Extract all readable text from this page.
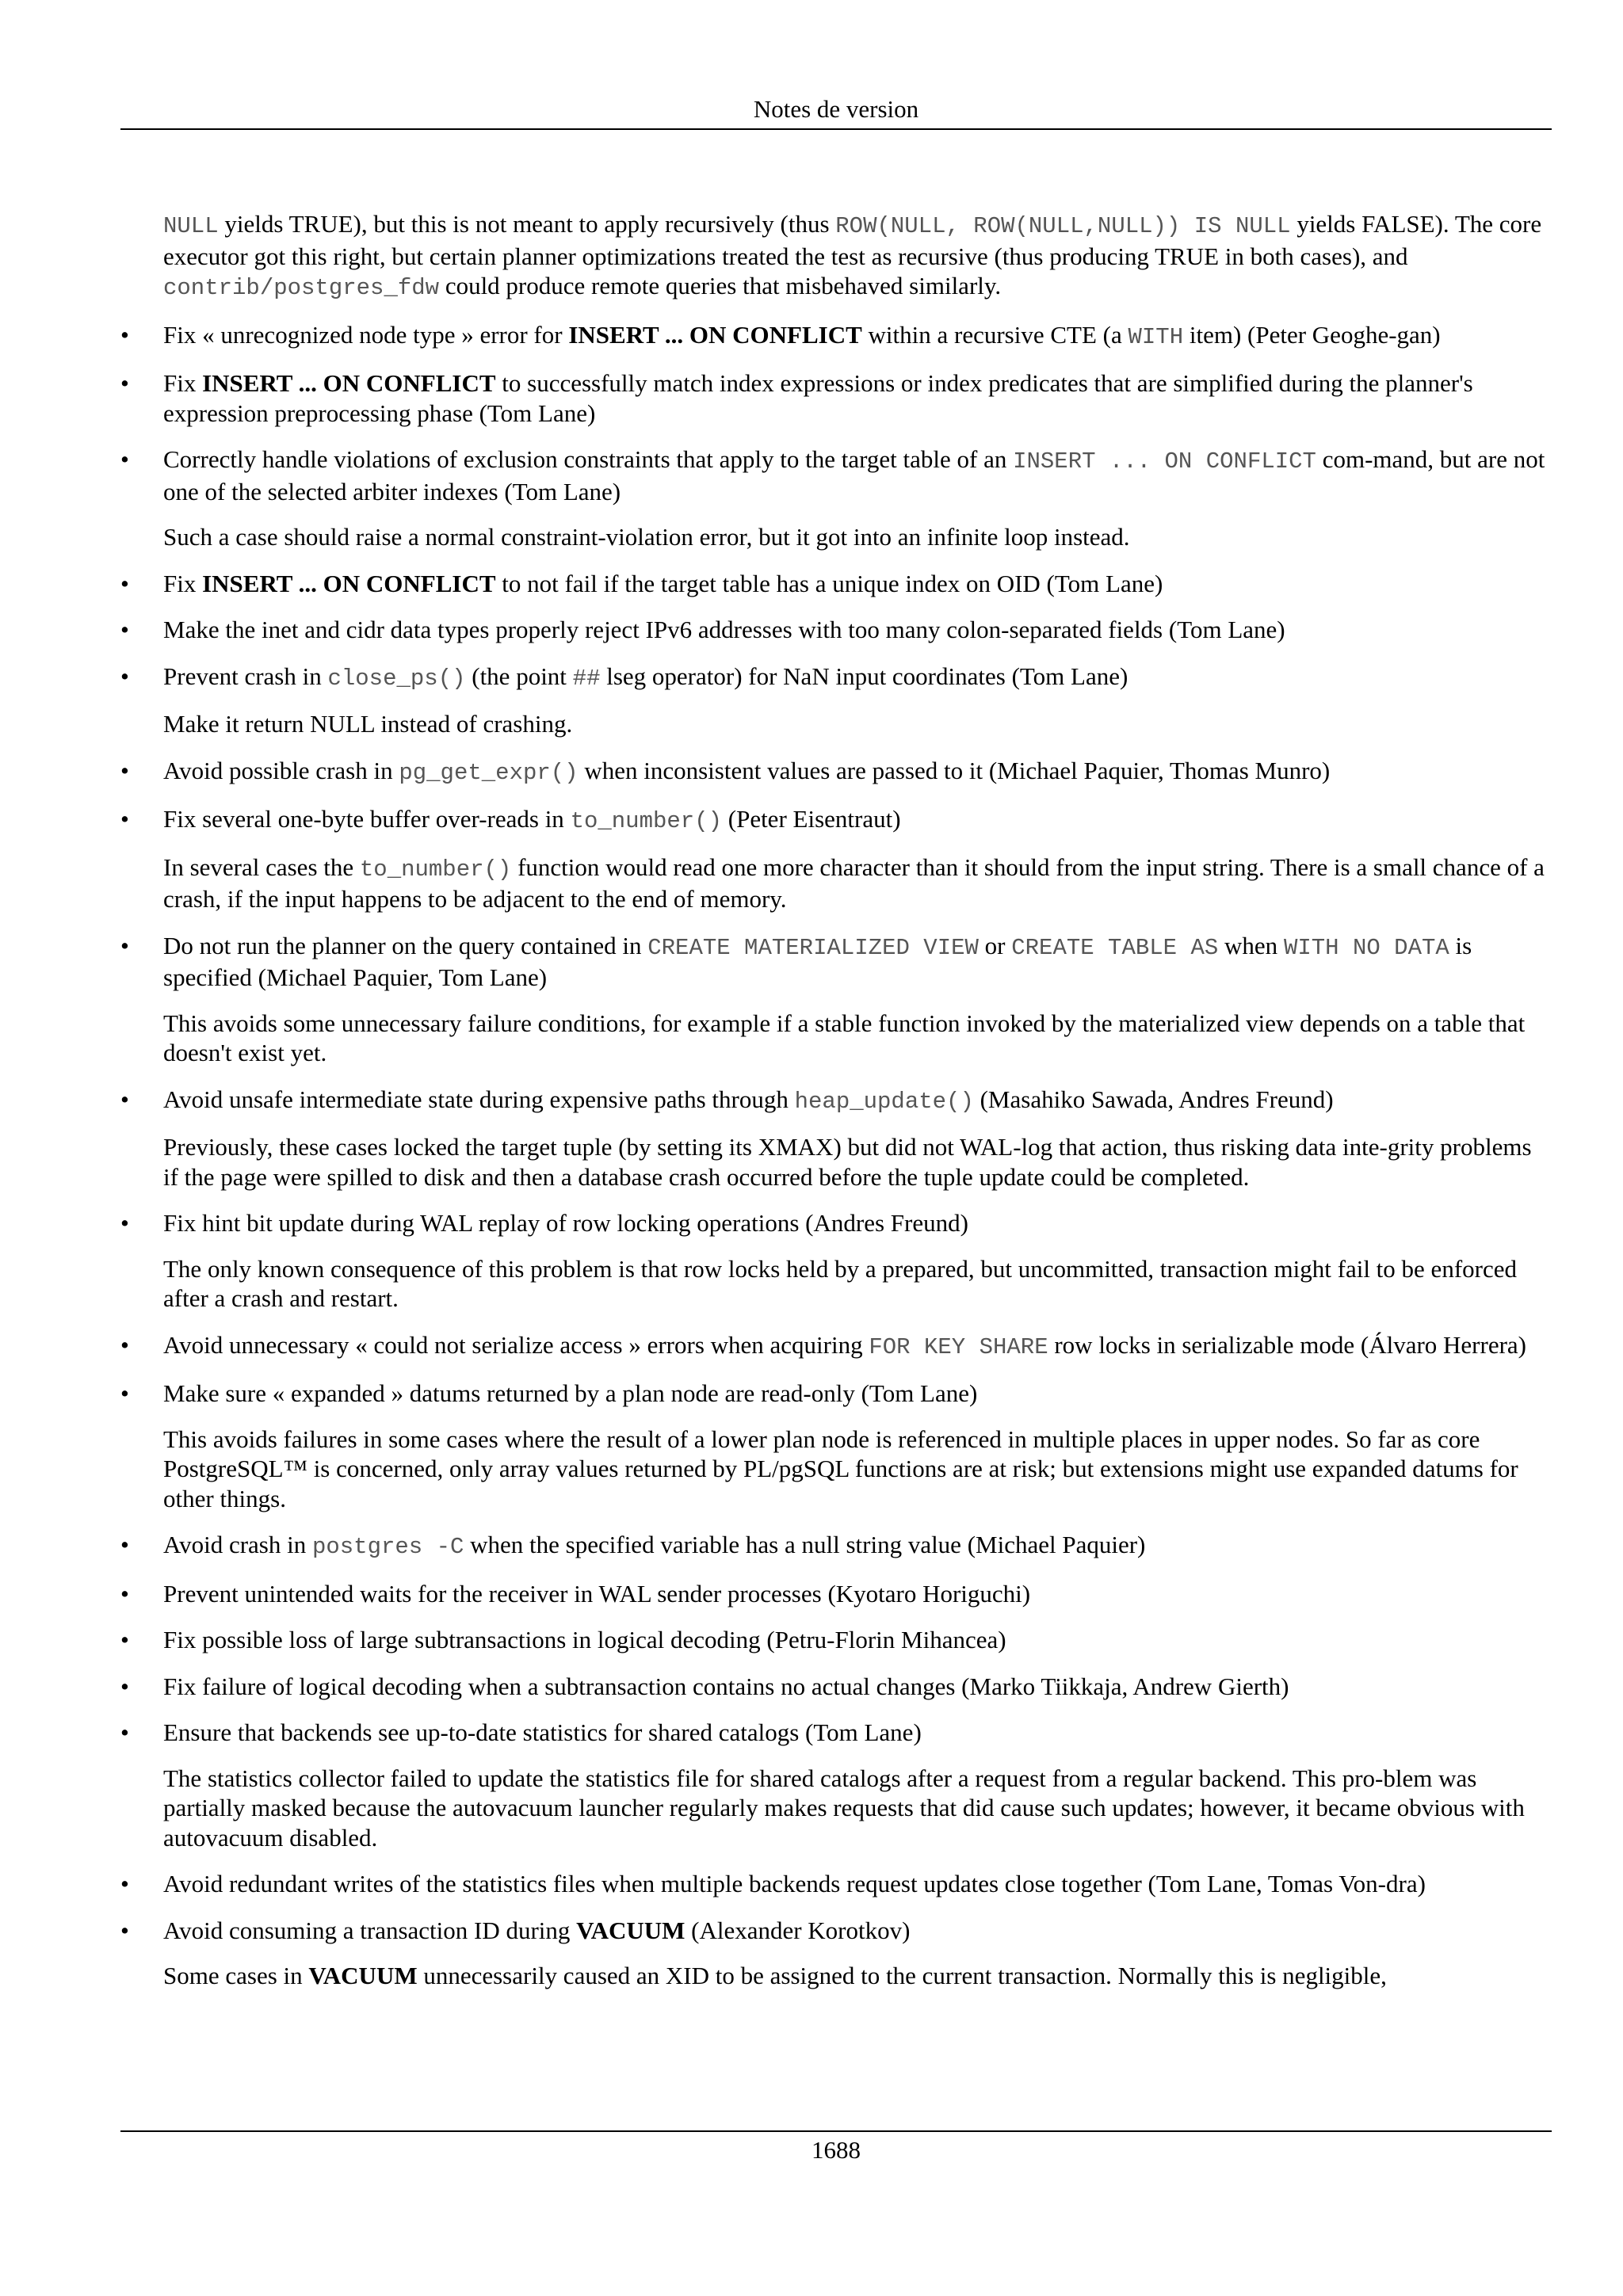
Notes de version

NULL yields TRUE), but this is not meant to apply recursively (thus ROW(NULL, ROW(NULL,NULL)) IS NULL yields FALSE). The core executor got this right, but certain planner optimizations treated the test as recursive (thus producing TRUE in both cases), and contrib/postgres_fdw could produce remote queries that misbehaved similarly.

• Fix « unrecognized node type » error for INSERT ... ON CONFLICT within a recursive CTE (a WITH item) (Peter Geoghe-gan)

• Fix INSERT ... ON CONFLICT to successfully match index expressions or index predicates that are simplified during the planner's expression preprocessing phase (Tom Lane)

• Correctly handle violations of exclusion constraints that apply to the target table of an INSERT ... ON CONFLICT com-mand, but are not one of the selected arbiter indexes (Tom Lane)

Such a case should raise a normal constraint-violation error, but it got into an infinite loop instead.

• Fix INSERT ... ON CONFLICT to not fail if the target table has a unique index on OID (Tom Lane)

• Make the inet and cidr data types properly reject IPv6 addresses with too many colon-separated fields (Tom Lane)

• Prevent crash in close_ps() (the point ## lseg operator) for NaN input coordinates (Tom Lane)

Make it return NULL instead of crashing.

• Avoid possible crash in pg_get_expr() when inconsistent values are passed to it (Michael Paquier, Thomas Munro)

• Fix several one-byte buffer over-reads in to_number() (Peter Eisentraut)

In several cases the to_number() function would read one more character than it should from the input string. There is a small chance of a crash, if the input happens to be adjacent to the end of memory.

• Do not run the planner on the query contained in CREATE MATERIALIZED VIEW or CREATE TABLE AS when WITH NO DATA is specified (Michael Paquier, Tom Lane)

This avoids some unnecessary failure conditions, for example if a stable function invoked by the materialized view depends on a table that doesn't exist yet.

• Avoid unsafe intermediate state during expensive paths through heap_update() (Masahiko Sawada, Andres Freund)

Previously, these cases locked the target tuple (by setting its XMAX) but did not WAL-log that action, thus risking data inte-grity problems if the page were spilled to disk and then a database crash occurred before the tuple update could be completed.

• Fix hint bit update during WAL replay of row locking operations (Andres Freund)

The only known consequence of this problem is that row locks held by a prepared, but uncommitted, transaction might fail to be enforced after a crash and restart.

• Avoid unnecessary « could not serialize access » errors when acquiring FOR KEY SHARE row locks in serializable mode (Álvaro Herrera)

• Make sure « expanded » datums returned by a plan node are read-only (Tom Lane)

This avoids failures in some cases where the result of a lower plan node is referenced in multiple places in upper nodes. So far as core PostgreSQL™ is concerned, only array values returned by PL/pgSQL functions are at risk; but extensions might use expanded datums for other things.

• Avoid crash in postgres -C when the specified variable has a null string value (Michael Paquier)

• Prevent unintended waits for the receiver in WAL sender processes (Kyotaro Horiguchi)

• Fix possible loss of large subtransactions in logical decoding (Petru-Florin Mihancea)

• Fix failure of logical decoding when a subtransaction contains no actual changes (Marko Tiikkaja, Andrew Gierth)

• Ensure that backends see up-to-date statistics for shared catalogs (Tom Lane)

The statistics collector failed to update the statistics file for shared catalogs after a request from a regular backend. This pro-blem was partially masked because the autovacuum launcher regularly makes requests that did cause such updates; however, it became obvious with autovacuum disabled.

• Avoid redundant writes of the statistics files when multiple backends request updates close together (Tom Lane, Tomas Von-dra)

• Avoid consuming a transaction ID during VACUUM (Alexander Korotkov)

Some cases in VACUUM unnecessarily caused an XID to be assigned to the current transaction. Normally this is negligible,

1688
